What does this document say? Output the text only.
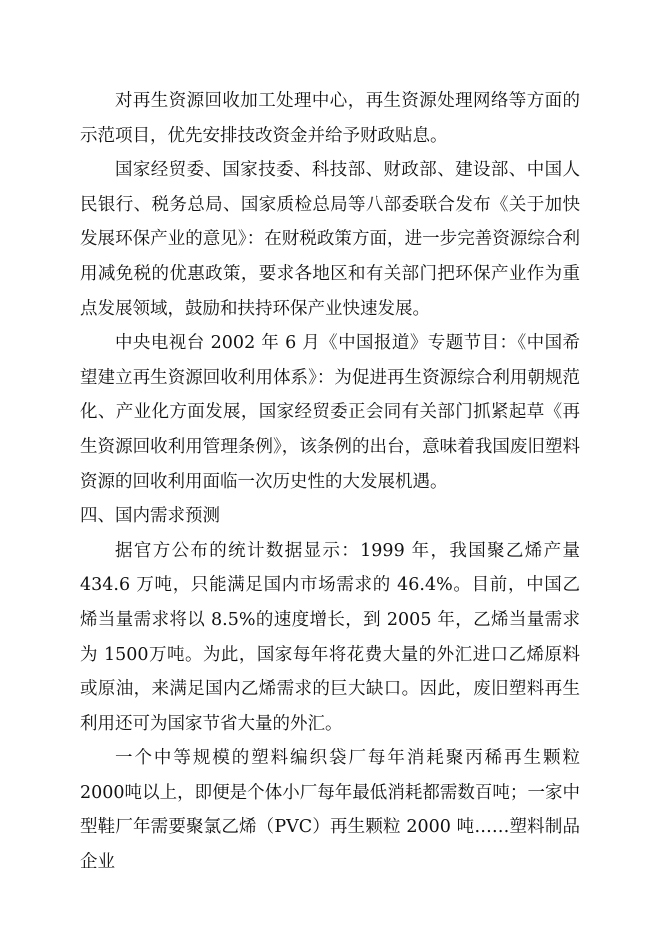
对再生资源回收加工处理中心，再生资源处理网络等方面的示范项目，优先安排技改资金并给予财政贴息。

国家经贸委、国家技委、科技部、财政部、建设部、中国人民银行、税务总局、国家质检总局等八部委联合发布《关于加快发展环保产业的意见》：在财税政策方面，进一步完善资源综合利用减免税的优惠政策，要求各地区和有关部门把环保产业作为重点发展领域，鼓励和扶持环保产业快速发展。

中央电视台 2002 年 6 月《中国报道》专题节目：《中国希望建立再生资源回收利用体系》：为促进再生资源综合利用朝规范化、产业化方面发展，国家经贸委正会同有关部门抓紧起草《再生资源回收利用管理条例》，该条例的出台，意味着我国废旧塑料资源的回收利用面临一次历史性的大发展机遇。

四、国内需求预测

据官方公布的统计数据显示：1999 年，我国聚乙烯产量434.6 万吨，只能满足国内市场需求的 46.4%。目前，中国乙烯当量需求将以 8.5%的速度增长，到 2005 年，乙烯当量需求为 1500万吨。为此，国家每年将花费大量的外汇进口乙烯原料或原油，来满足国内乙烯需求的巨大缺口。因此，废旧塑料再生利用还可为国家节省大量的外汇。

一个中等规模的塑料编织袋厂每年消耗聚丙稀再生颗粒 2000吨以上，即便是个体小厂每年最低消耗都需数百吨；一家中型鞋厂年需要聚氯乙烯（PVC）再生颗粒 2000 吨……塑料制品企业
